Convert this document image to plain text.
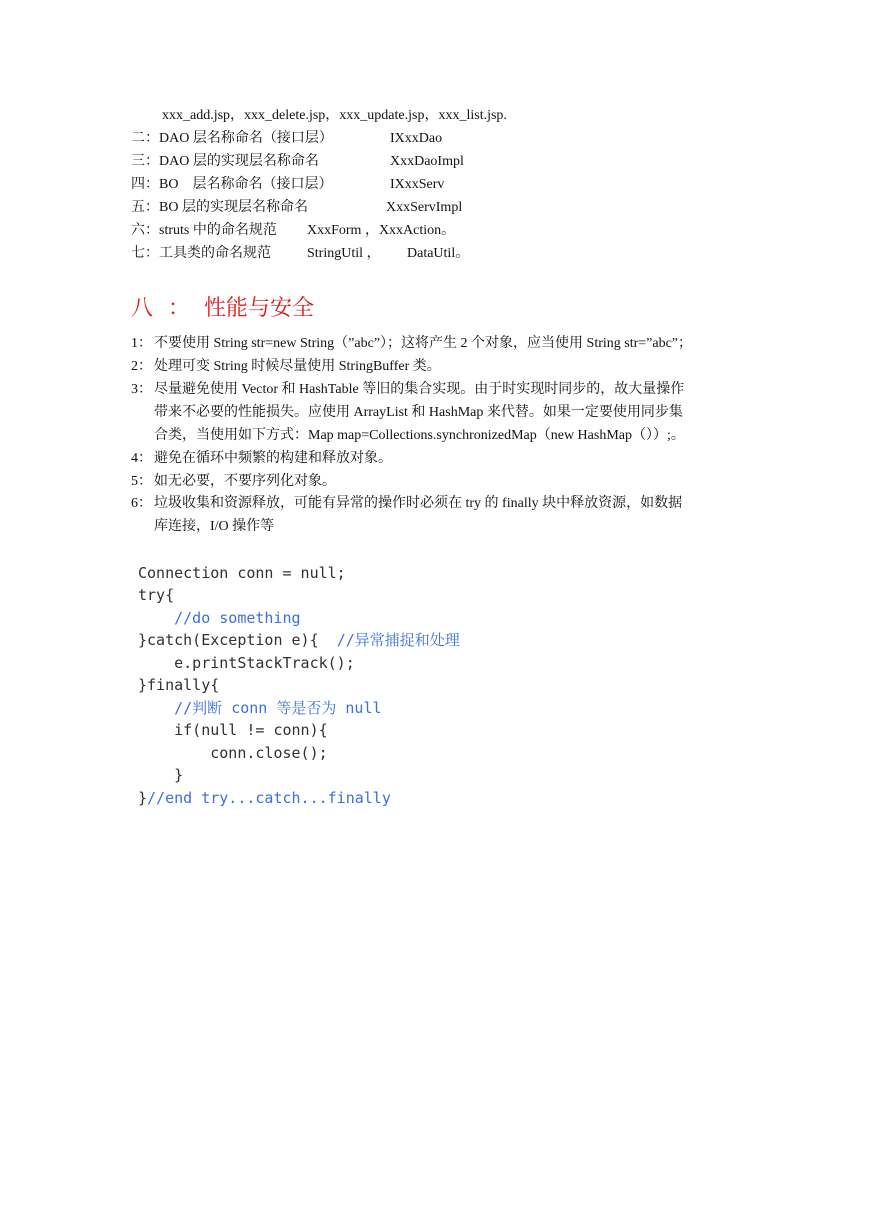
xxx_add.jsp，xxx_delete.jsp，xxx_update.jsp，xxx_list.jsp.
二：DAO 层名称命名（接口层）	IXxxDao
三：DAO 层的实现层名称命名	XxxDaoImpl
四：BO　层名称命名（接口层）	IXxxServ
五：BO 层的实现层名称命名	XxxServImpl
六：struts 中的命名规范 XxxForm ，XxxAction。
七：工具类的命名规范	StringUtil ， DataUtil。
八 ： 性能与安全
1： 不要使用 String str=new String（”abc”）；这将产生 2 个对象，应当使用 String str=”abc”；
2： 处理可变 String 时候尽量使用 StringBuffer 类。
3： 尽量避免使用 Vector 和 HashTable 等旧的集合实现。由于时实现时同步的，故大量操作
带来不必要的性能损失。应使用 ArrayList 和 HashMap 来代替。如果一定要使用同步集
合类，当使用如下方式：Map map=Collections.synchronizedMap（new HashMap（））;。
4： 避免在循环中频繁的构建和释放对象。
5： 如无必要，不要序列化对象。
6： 垃圾收集和资源释放，可能有异常的操作时必须在 try 的 finally 块中释放资源，如数据
库连接，I/O 操作等
Connection conn = null;
try{
//do something
}catch(Exception e){  //异常捕捉和处理
e.printStackTrack();
}finally{
//判断 conn 等是否为 null
if(null != conn){
conn.close();
}
}//end try...catch...finally
